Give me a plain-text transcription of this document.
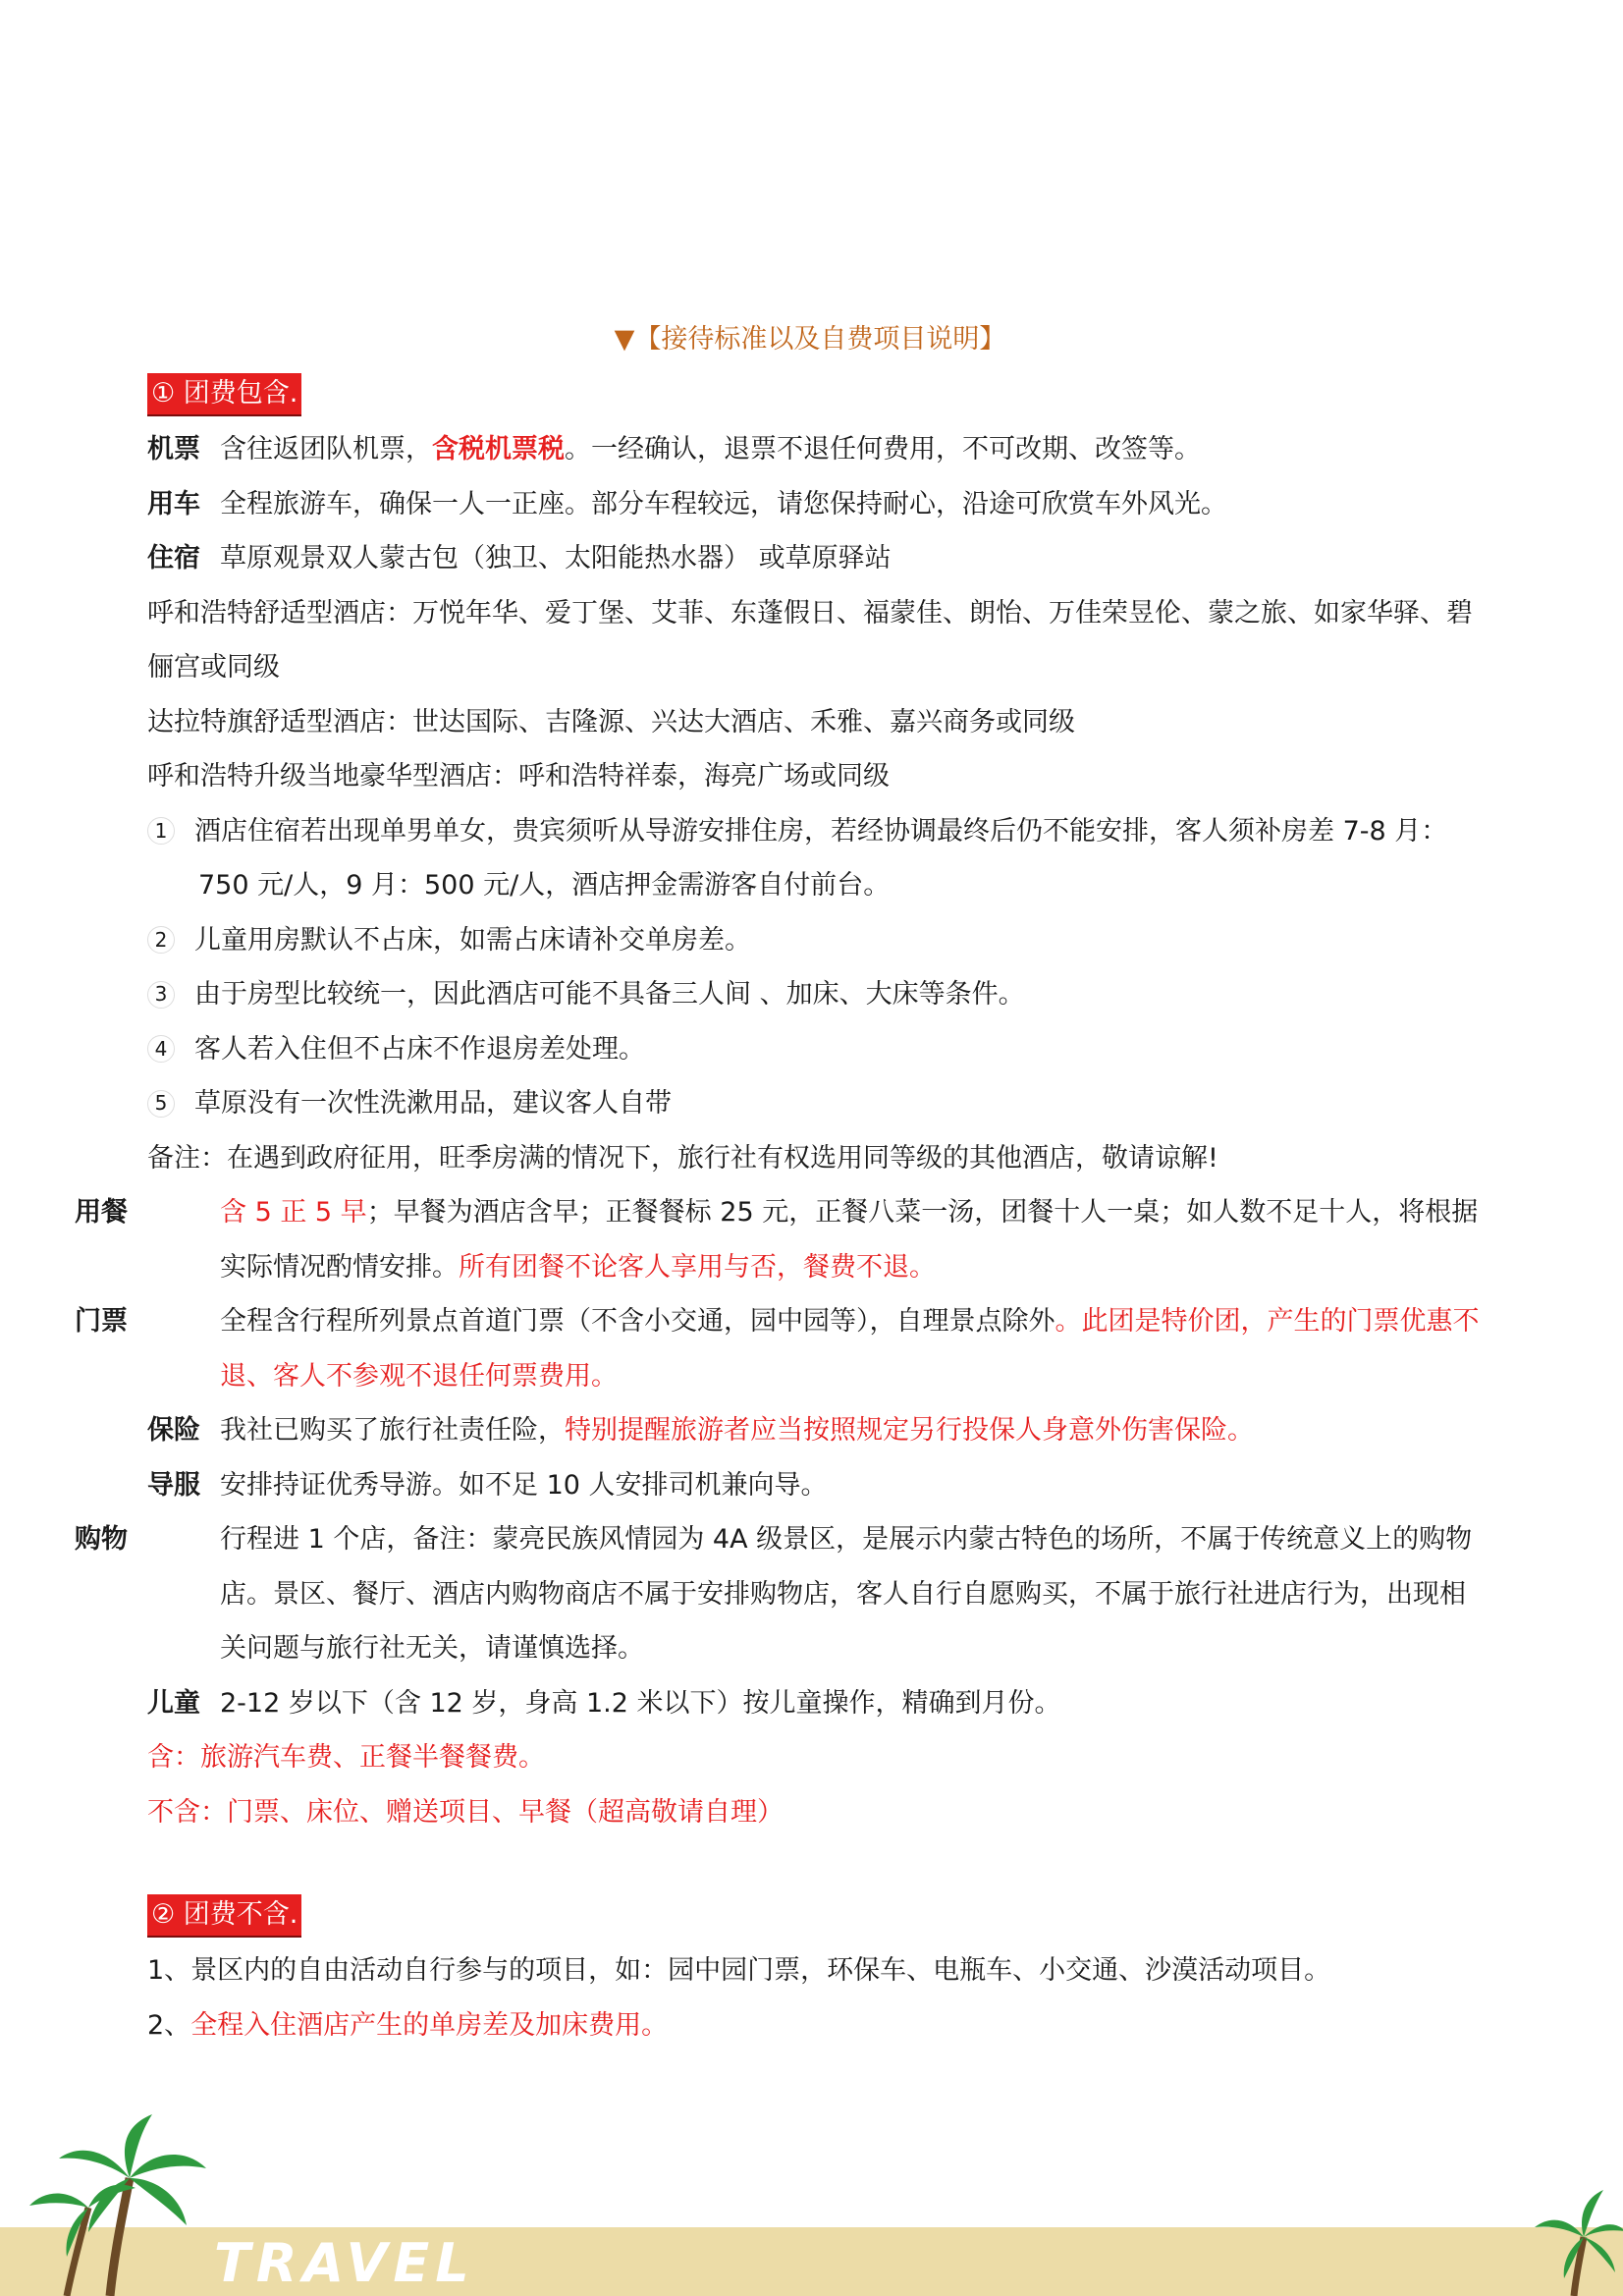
▼【接待标准以及自费项目说明】
① 团费包含.
机票 含往返团队机票，含税机票税。一经确认，退票不退任何费用，不可改期、改签等。
用车 全程旅游车，确保一人一正座。部分车程较远，请您保持耐心，沿途可欣赏车外风光。
住宿 草原观景双人蒙古包（独卫、太阳能热水器） 或草原驿站
呼和浩特舒适型酒店：万悦年华、爱丁堡、艾菲、东蓬假日、福蒙佳、朗怡、万佳荣昱伦、蒙之旅、如家华驿、碧俪宫或同级
达拉特旗舒适型酒店：世达国际、吉隆源、兴达大酒店、禾雅、嘉兴商务或同级
呼和浩特升级当地豪华型酒店：呼和浩特祥泰，海亮广场或同级
1 酒店住宿若出现单男单女，贵宾须听从导游安排住房，若经协调最终后仍不能安排，客人须补房差 7-8 月：750 元/人，9 月：500 元/人，酒店押金需游客自付前台。
2 儿童用房默认不占床，如需占床请补交单房差。
3 由于房型比较统一，因此酒店可能不具备三人间 、加床、大床等条件。
4 客人若入住但不占床不作退房差处理。
5 草原没有一次性洗漱用品，建议客人自带
备注：在遇到政府征用，旺季房满的情况下，旅行社有权选用同等级的其他酒店，敬请谅解!
用餐	含 5 正 5 早；早餐为酒店含早；正餐餐标 25 元，正餐八菜一汤，团餐十人一桌；如人数不足十人，将根据实际情况酌情安排。所有团餐不论客人享用与否，餐费不退。
门票	全程含行程所列景点首道门票（不含小交通，园中园等），自理景点除外。此团是特价团，产生的门票优惠不退、客人不参观不退任何票费用。
保险 我社已购买了旅行社责任险，特别提醒旅游者应当按照规定另行投保人身意外伤害保险。
导服 安排持证优秀导游。如不足 10 人安排司机兼向导。
购物	行程进 1 个店，备注：蒙亮民族风情园为 4A 级景区，是展示内蒙古特色的场所，不属于传统意义上的购物店。景区、餐厅、酒店内购物商店不属于安排购物店，客人自行自愿购买，不属于旅行社进店行为，出现相关问题与旅行社无关，请谨慎选择。
儿童 2-12 岁以下（含 12 岁，身高 1.2 米以下）按儿童操作，精确到月份。
含：旅游汽车费、正餐半餐餐费。
不含：门票、床位、赠送项目、早餐（超高敬请自理）
② 团费不含.
1、景区内的自由活动自行参与的项目，如：园中园门票，环保车、电瓶车、小交通、沙漠活动项目。
2、全程入住酒店产生的单房差及加床费用。
TRAVEL
